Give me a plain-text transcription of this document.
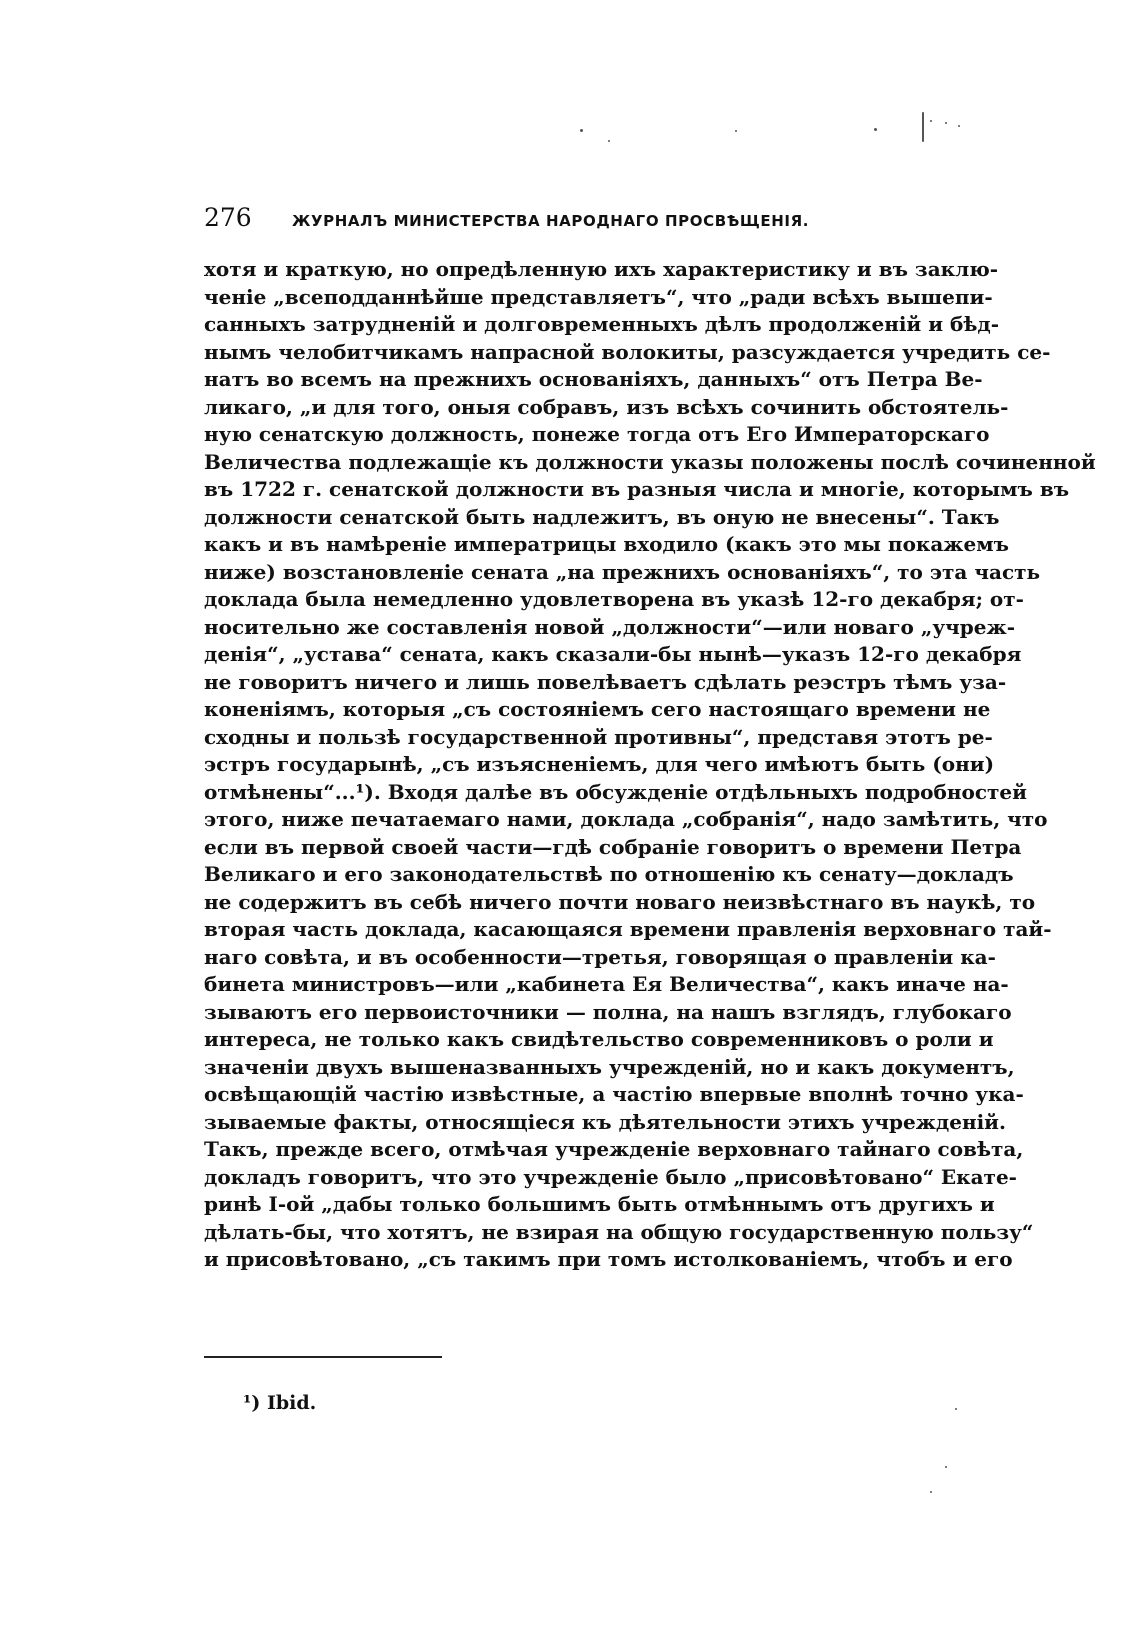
276	ЖУРНАЛЪ МИНИСТЕРСТВА НАРОДНАГО ПРОСВѢЩЕНІЯ.
хотя и краткую, но опредѣленную ихъ характеристику и въ заклю-
ченіе „всеподданнѣйше представляетъ“, что „ради всѣхъ вышепи-
санныхъ затрудненій и долговременныхъ дѣлъ продолженій и бѣд-
нымъ челобитчикамъ напрасной волокиты, разсуждается учредить се-
натъ во всемъ на прежнихъ основаніяхъ, данныхъ“ отъ Петра Ве-
ликаго, „и для того, оныя собравъ, изъ всѣхъ сочинить обстоятель-
ную сенатскую должность, понеже тогда отъ Его Императорскаго
Величества подлежащіе къ должности указы положены послѣ сочиненной
въ 1722 г. сенатской должности въ разныя числа и многіе, которымъ въ
должности сенатской быть надлежитъ, въ оную не внесены“. Такъ
какъ и въ намѣреніе императрицы входило (какъ это мы покажемъ
ниже) возстановленіе сената „на прежнихъ основаніяхъ“, то эта часть
доклада была немедленно удовлетворена въ указѣ 12-го декабря; от-
носительно же составленія новой „должности“—или новаго „учреж-
денія“, „устава“ сената, какъ сказали-бы нынѣ—указъ 12-го декабря
не говоритъ ничего и лишь повелѣваетъ сдѣлать реэстръ тѣмъ уза-
коненіямъ, которыя „съ состояніемъ сего настоящаго времени не
сходны и пользѣ государственной противны“, представя этотъ ре-
эстръ государынѣ, „съ изъясненіемъ, для чего имѣютъ быть (они)
отмѣнены“...¹). Входя далѣе въ обсужденіе отдѣльныхъ подробностей
этого, ниже печатаемаго нами, доклада „собранія“, надо замѣтить, что
если въ первой своей части—гдѣ собраніе говоритъ о времени Петра
Великаго и его законодательствѣ по отношенію къ сенату—докладъ
не содержитъ въ себѣ ничего почти новаго неизвѣстнаго въ наукѣ, то
вторая часть доклада, касающаяся времени правленія верховнаго тай-
наго совѣта, и въ особенности—третья, говорящая о правленіи ка-
бинета министровъ—или „кабинета Ея Величества“, какъ иначе на-
зываютъ его первоисточники — полна, на нашъ взглядъ, глубокаго
интереса, не только какъ свидѣтельство современниковъ о роли и
значеніи двухъ вышеназванныхъ учрежденій, но и какъ документъ,
освѣщающій частію извѣстные, а частію впервые вполнѣ точно ука-
зываемые факты, относящіеся къ дѣятельности этихъ учрежденій.
Такъ, прежде всего, отмѣчая учрежденіе верховнаго тайнаго совѣта,
докладъ говоритъ, что это учрежденіе было „присовѣтовано“ Екате-
ринѣ І-ой „дабы только большимъ быть отмѣннымъ отъ другихъ и
дѣлать-бы, что хотятъ, не взирая на общую государственную пользу“
и присовѣтовано, „съ такимъ при томъ истолкованіемъ, чтобъ и его
¹) Ibid.
